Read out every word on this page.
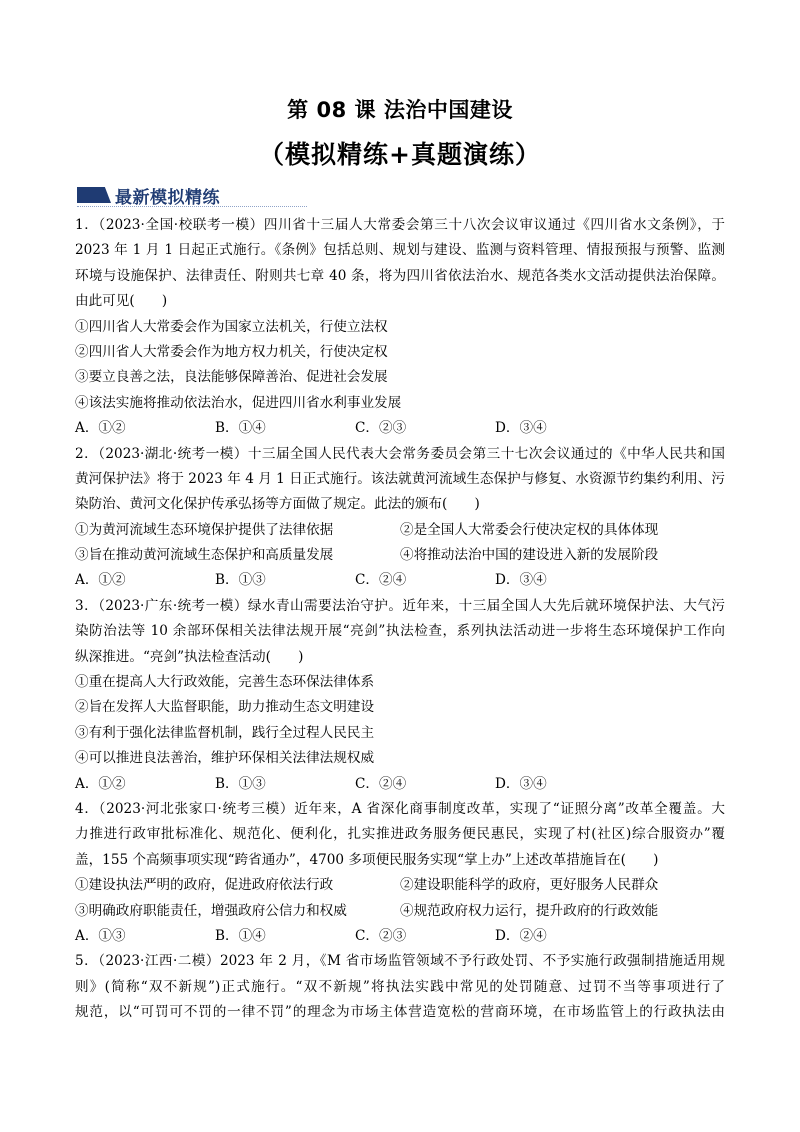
第 08 课 法治中国建设
（模拟精练+真题演练）
最新模拟精练
1．（2023·全国·校联考一模）四川省十三届人大常委会第三十八次会议审议通过《四川省水文条例》，于
2023 年 1 月 1 日起正式施行。《条例》包括总则、规划与建设、监测与资料管理、情报预报与预警、监测
环境与设施保护、法律责任、附则共七章 40 条，将为四川省依法治水、规范各类水文活动提供法治保障。
由此可见(　　)
①四川省人大常委会作为国家立法机关，行使立法权
②四川省人大常委会作为地方权力机关，行使决定权
③要立良善之法，良法能够保障善治、促进社会发展
④该法实施将推动依法治水，促进四川省水利事业发展
A．①②	B．①④	C．②③	D．③④
2．（2023·湖北·统考一模）十三届全国人民代表大会常务委员会第三十七次会议通过的《中华人民共和国
黄河保护法》将于 2023 年 4 月 1 日正式施行。该法就黄河流域生态保护与修复、水资源节约集约利用、污
染防治、黄河文化保护传承弘扬等方面做了规定。此法的颁布(　　)
①为黄河流域生态环境保护提供了法律依据	②是全国人大常委会行使决定权的具体体现
③旨在推动黄河流域生态保护和高质量发展	④将推动法治中国的建设进入新的发展阶段
A．①②	B．①③	C．②④	D．③④
3．（2023·广东·统考一模）绿水青山需要法治守护。近年来，十三届全国人大先后就环境保护法、大气污
染防治法等 10 余部环保相关法律法规开展“亮剑”执法检查，系列执法活动进一步将生态环境保护工作向
纵深推进。“亮剑”执法检查活动(　　)
①重在提高人大行政效能，完善生态环保法律体系
②旨在发挥人大监督职能，助力推动生态文明建设
③有利于强化法律监督机制，践行全过程人民民主
④可以推进良法善治，维护环保相关法律法规权威
A．①②	B．①③	C．②④	D．③④
4．（2023·河北张家口·统考三模）近年来，A 省深化商事制度改革，实现了“证照分离”改革全覆盖。大
力推进行政审批标准化、规范化、便利化，扎实推进政务服务便民惠民，实现了村(社区)综合服资办”覆
盖，155 个高频事项实现“跨省通办”，4700 多项便民服务实现“掌上办”上述改革措施旨在(　　)
①建设执法严明的政府，促进政府依法行政	②建设职能科学的政府，更好服务人民群众
③明确政府职能责任，增强政府公信力和权威	④规范政府权力运行，提升政府的行政效能
A．①③	B．①④	C．②③	D．②④
5．（2023·江西·二模）2023 年 2 月，《M 省市场监管领域不予行政处罚、不予实施行政强制措施适用规
则》(简称“双不新规”)正式施行。“双不新规”将执法实践中常见的处罚随意、过罚不当等事项进行了
规范，以“可罚可不罚的一律不罚”的理念为市场主体营造宽松的营商环境，在市场监管上的行政执法由
